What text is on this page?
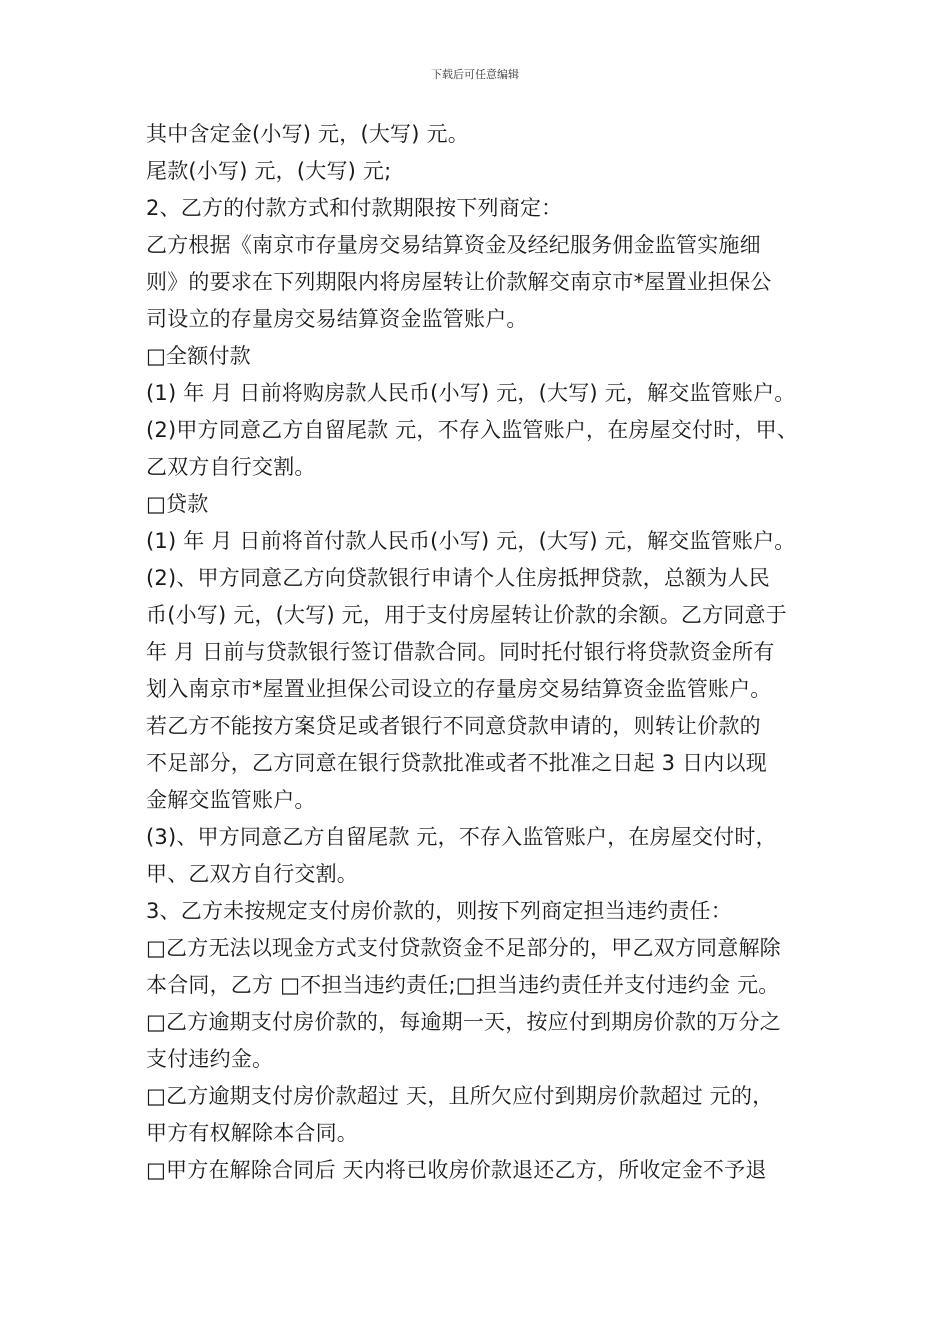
下载后可任意编辑
其中含定金(小写) 元，(大写) 元。
尾款(小写) 元，(大写) 元;
2、乙方的付款方式和付款期限按下列商定：
乙方根据《南京市存量房交易结算资金及经纪服务佣金监管实施细
则》的要求在下列期限内将房屋转让价款解交南京市*屋置业担保公
司设立的存量房交易结算资金监管账户。
□全额付款
(1) 年 月 日前将购房款人民币(小写) 元，(大写) 元，解交监管账户。
(2)甲方同意乙方自留尾款 元，不存入监管账户，在房屋交付时，甲、
乙双方自行交割。
□贷款
(1) 年 月 日前将首付款人民币(小写) 元，(大写) 元，解交监管账户。
(2)、甲方同意乙方向贷款银行申请个人住房抵押贷款，总额为人民
币(小写) 元，(大写) 元，用于支付房屋转让价款的余额。乙方同意于
年 月 日前与贷款银行签订借款合同。同时托付银行将贷款资金所有
划入南京市*屋置业担保公司设立的存量房交易结算资金监管账户。
若乙方不能按方案贷足或者银行不同意贷款申请的，则转让价款的
不足部分，乙方同意在银行贷款批准或者不批准之日起 3 日内以现
金解交监管账户。
(3)、甲方同意乙方自留尾款 元，不存入监管账户，在房屋交付时，
甲、乙双方自行交割。
3、乙方未按规定支付房价款的，则按下列商定担当违约责任：
□乙方无法以现金方式支付贷款资金不足部分的，甲乙双方同意解除
本合同，乙方 □不担当违约责任;□担当违约责任并支付违约金 元。
□乙方逾期支付房价款的，每逾期一天，按应付到期房价款的万分之
支付违约金。
□乙方逾期支付房价款超过 天，且所欠应付到期房价款超过 元的，
甲方有权解除本合同。
□甲方在解除合同后 天内将已收房价款退还乙方，所收定金不予退
